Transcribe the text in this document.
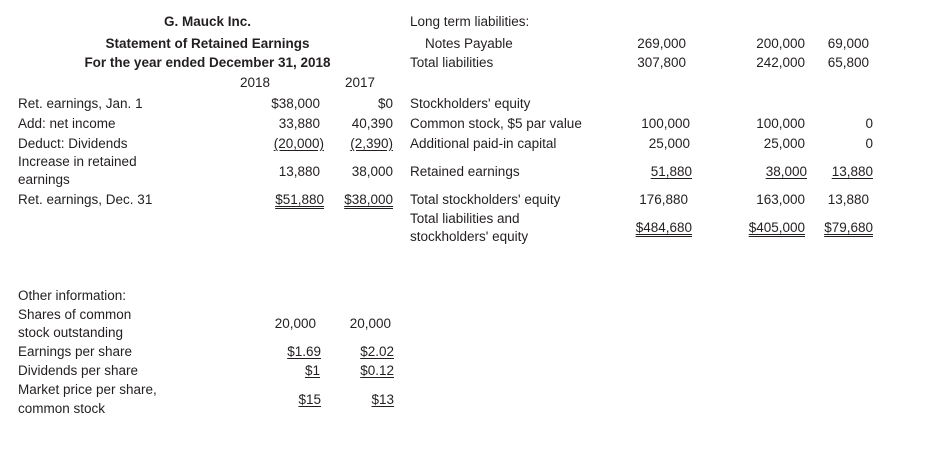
G. Mauck Inc.
Statement of Retained Earnings
For the year ended December 31, 2018
2018	2017
Ret. earnings, Jan. 1	$38,000	$0
Add: net income	33,880	40,390
Deduct: Dividends	(20,000)	(2,390)
Increase in retained
earnings
13,880	38,000
Ret. earnings, Dec. 31	$51,880	$38,000
Long term liabilities:
Notes Payable	269,000	200,000	69,000
Total liabilities	307,800	242,000	65,800
Stockholders' equity
Common stock, $5 par value	100,000	100,000	0
Additional paid-in capital	25,000	25,000	0
Retained earnings	51,880	38,000	13,880
Total stockholders' equity	176,880	163,000	13,880
Total liabilities and
stockholders' equity
$484,680	$405,000	$79,680
Other information:
Shares of common
stock outstanding
20,000	20,000
Earnings per share	$1.69	$2.02
Dividends per share	$1	$0.12
Market price per share,
common stock
$15	$13
